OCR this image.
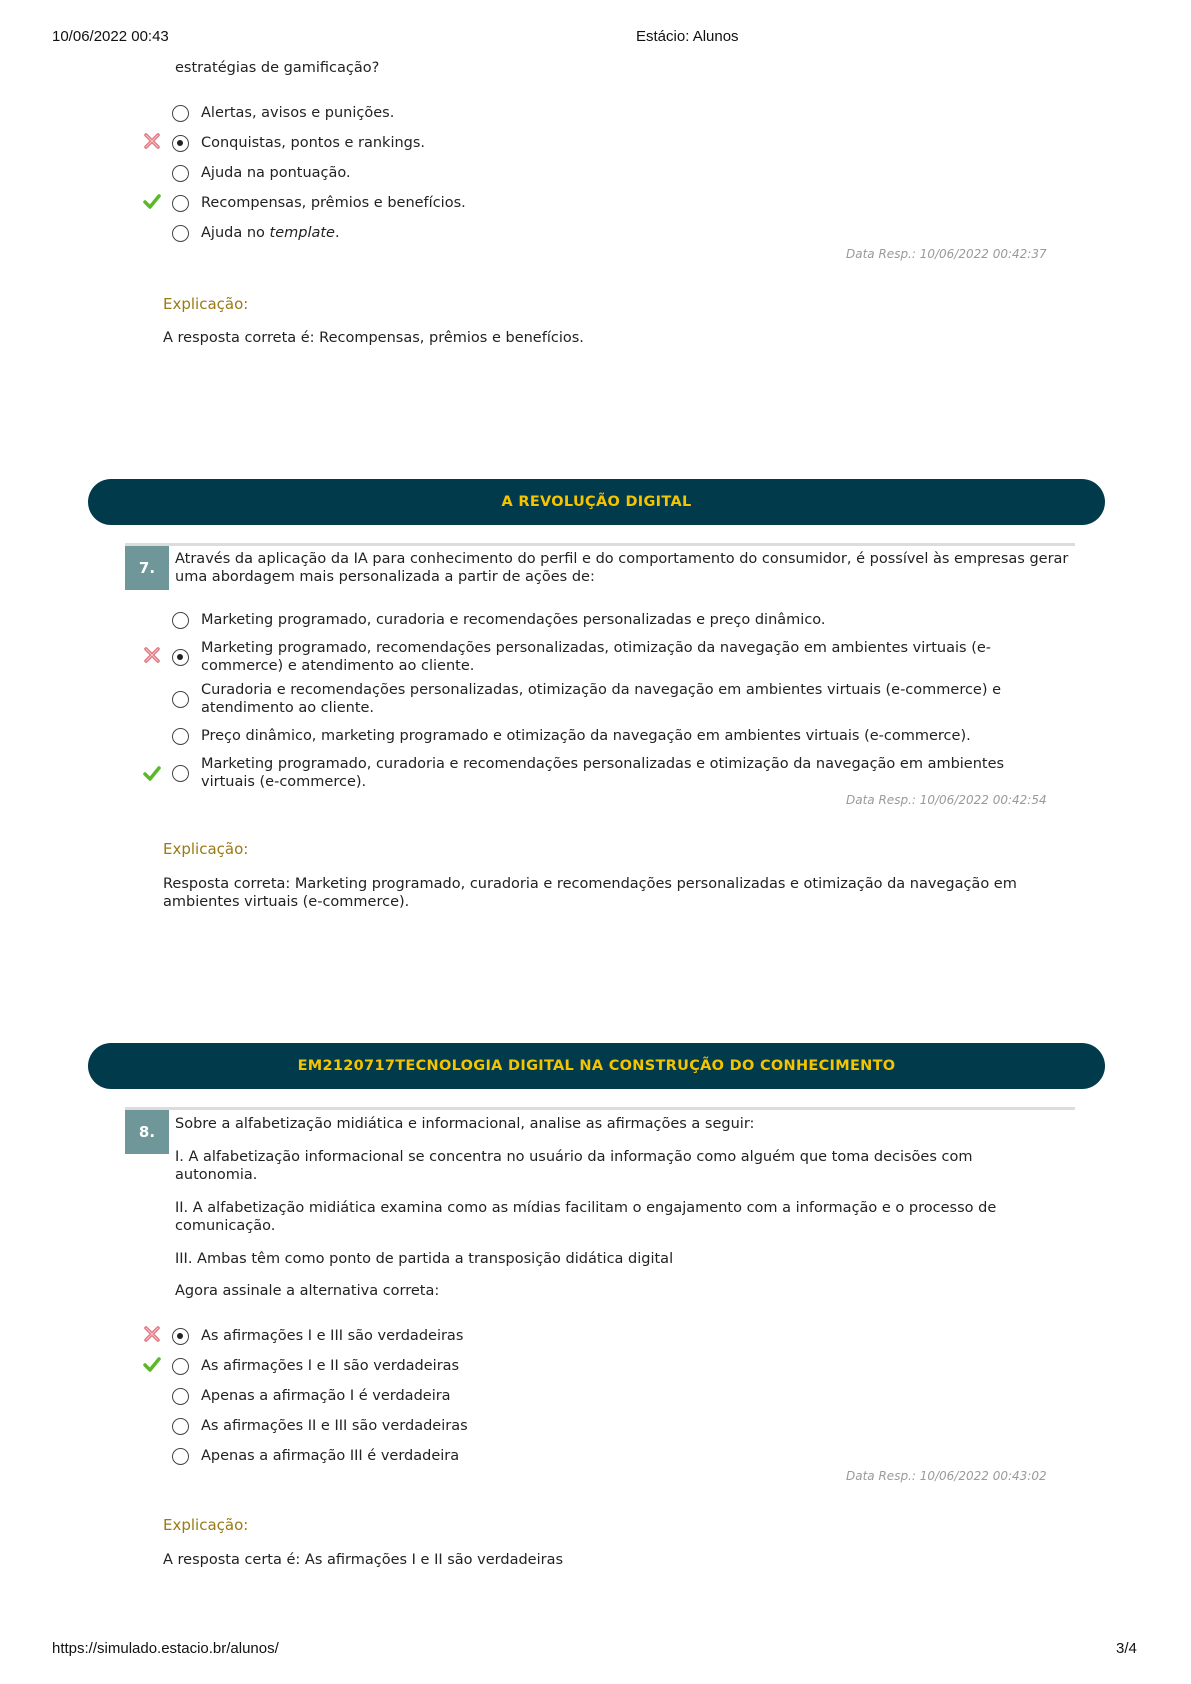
10/06/2022 00:43	Estácio: Alunos
estratégias de gamificação?
Alertas, avisos e punições.
Conquistas, pontos e rankings.
Ajuda na pontuação.
Recompensas, prêmios e benefícios.
Ajuda no template.
Data Resp.: 10/06/2022 00:42:37
Explicação:
A resposta correta é: Recompensas, prêmios e benefícios.
A REVOLUÇÃO DIGITAL
7.	Através da aplicação da IA para conhecimento do perfil e do comportamento do consumidor, é possível às empresas gerar uma abordagem mais personalizada a partir de ações de:
Marketing programado, curadoria e recomendações personalizadas e preço dinâmico.
Marketing programado, recomendações personalizadas, otimização da navegação em ambientes virtuais (e-commerce) e atendimento ao cliente.
Curadoria e recomendações personalizadas, otimização da navegação em ambientes virtuais (e-commerce) e atendimento ao cliente.
Preço dinâmico, marketing programado e otimização da navegação em ambientes virtuais (e-commerce).
Marketing programado, curadoria e recomendações personalizadas e otimização da navegação em ambientes virtuais (e-commerce).
Data Resp.: 10/06/2022 00:42:54
Explicação:
Resposta correta: Marketing programado, curadoria e recomendações personalizadas e otimização da navegação em ambientes virtuais (e-commerce).
EM2120717TECNOLOGIA DIGITAL NA CONSTRUÇÃO DO CONHECIMENTO
8.	Sobre a alfabetização midiática e informacional, analise as afirmações a seguir:
I. A alfabetização informacional se concentra no usuário da informação como alguém que toma decisões com autonomia.
II. A alfabetização midiática examina como as mídias facilitam o engajamento com a informação e o processo de comunicação.
III. Ambas têm como ponto de partida a transposição didática digital
Agora assinale a alternativa correta:
As afirmações I e III são verdadeiras
As afirmações I e II são verdadeiras
Apenas a afirmação I é verdadeira
As afirmações II e III são verdadeiras
Apenas a afirmação III é verdadeira
Data Resp.: 10/06/2022 00:43:02
Explicação:
A resposta certa é: As afirmações I e II são verdadeiras
https://simulado.estacio.br/alunos/	3/4
